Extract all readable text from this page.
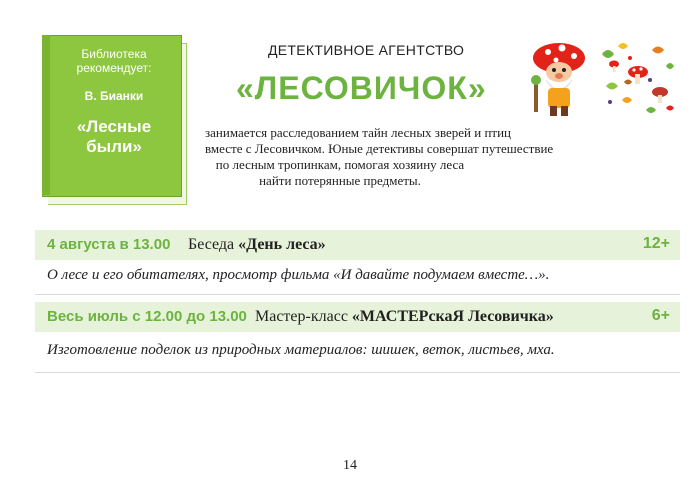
Библиотека рекомендует:
В. Бианки
«Лесные были»
ДЕТЕКТИВНОЕ АГЕНТСТВО
«ЛЕСОВИЧОК»
занимается расследованием тайн лесных зверей и птиц
вместе с Лесовичком. Юные детективы совершат путешествие
по лесным тропинкам, помогая хозяину леса
найти потерянные предметы.
4 августа в 13.00 Беседа «День леса»	12+
О лесе и его обитателях, просмотр фильма «И давайте подумаем вместе…».
Весь июль с 12.00 до 13.00 Мастер-класс «МАСТЕРскаЯ Лесовичка»	6+
Изготовление поделок из природных материалов: шишек, веток, листьев, мха.
14
